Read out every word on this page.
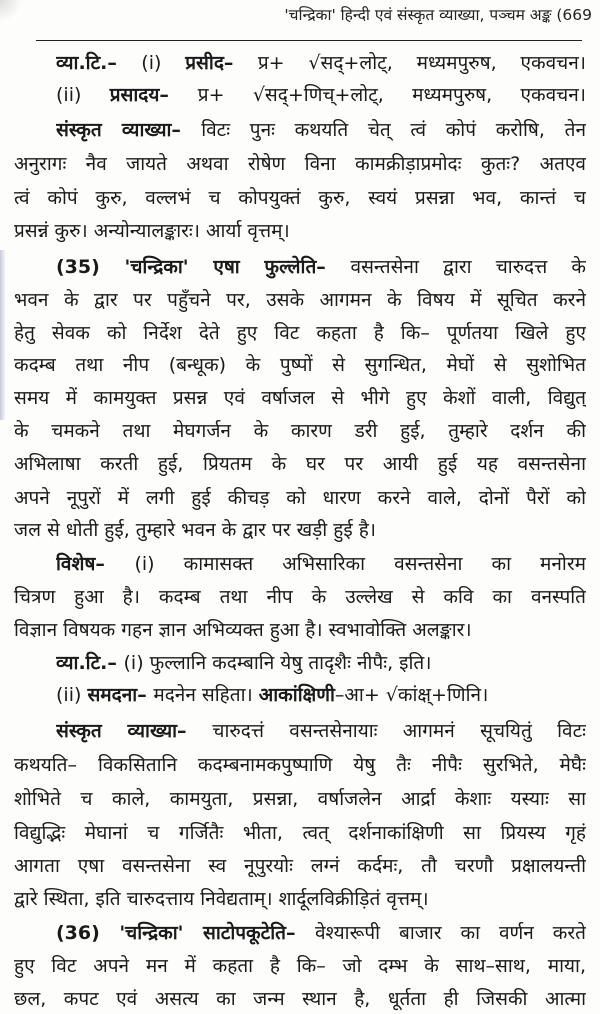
'चन्द्रिका' हिन्दी एवं संस्कृत व्याख्या, पञ्चम अङ्क (669
व्या.टि.– (i) प्रसीद– प्र+ √सद्+लोट्, मध्यमपुरुष, एकवचन।
(ii) प्रसादय– प्र+ √सद्+णिच्+लोट्, मध्यमपुरुष, एकवचन।
संस्कृत व्याख्या– विटः पुनः कथयति चेत् त्वं कोपं करोषि, तेन
अनुरागः नैव जायते अथवा रोषेण विना कामक्रीड़ाप्रमोदः कुतः? अतएव
त्वं कोपं कुरु, वल्लभं च कोपयुक्तं कुरु, स्वयं प्रसन्ना भव, कान्तं च
प्रसन्नं कुरु। अन्योन्यालङ्कारः। आर्या वृत्तम्।
(35) 'चन्द्रिका' एषा फुल्लेति– वसन्तसेना द्वारा चारुदत्त के
भवन के द्वार पर पहुँचने पर, उसके आगमन के विषय में सूचित करने
हेतु सेवक को निर्देश देते हुए विट कहता है कि– पूर्णतया खिले हुए
कदम्ब तथा नीप (बन्धूक) के पुष्पों से सुगन्धित, मेघों से सुशोभित
समय में कामयुक्त प्रसन्न एवं वर्षाजल से भीगे हुए केशों वाली, विद्युत्
के चमकने तथा मेघगर्जन के कारण डरी हुई, तुम्हारे दर्शन की
अभिलाषा करती हुई, प्रियतम के घर पर आयी हुई यह वसन्तसेना
अपने नूपुरों में लगी हुई कीचड़ को धारण करने वाले, दोनों पैरों को
जल से धोती हुई, तुम्हारे भवन के द्वार पर खड़ी हुई है।
विशेष– (i) कामासक्त अभिसारिका वसन्तसेना का मनोरम
चित्रण हुआ है। कदम्ब तथा नीप के उल्लेख से कवि का वनस्पति
विज्ञान विषयक गहन ज्ञान अभिव्यक्त हुआ है। स्वभावोक्ति अलङ्कार।
व्या.टि.– (i) फुल्लानि कदम्बानि येषु तादृशैः नीपैः, इति।
(ii) समदना– मदनेन सहिता। आकांक्षिणी–आ+ √कांक्ष्+णिनि।
संस्कृत व्याख्या– चारुदत्तं वसन्तसेनायाः आगमनं सूचयितुं विटः
कथयति– विकसितानि कदम्बनामकपुष्पाणि येषु तैः नीपैः सुरभिते, मेघैः
शोभिते च काले, कामयुता, प्रसन्ना, वर्षाजलेन आर्द्रा केशाः यस्याः सा
विद्युद्भिः मेघानां च गर्जितैः भीता, त्वत् दर्शनाकांक्षिणी सा प्रियस्य गृहं
आगता एषा वसन्तसेना स्व नूपुरयोः लग्नं कर्दमः, तौ चरणौ प्रक्षालयन्ती
द्वारे स्थिता, इति चारुदत्ताय निवेद्यताम्। शार्दूलविक्रीड़ितं वृत्तम्।
(36) 'चन्द्रिका' साटोपकूटेति– वेश्यारूपी बाजार का वर्णन करते
हुए विट अपने मन में कहता है कि– जो दम्भ के साथ–साथ, माया,
छल, कपट एवं असत्य का जन्म स्थान है, धूर्तता ही जिसकी आत्मा
